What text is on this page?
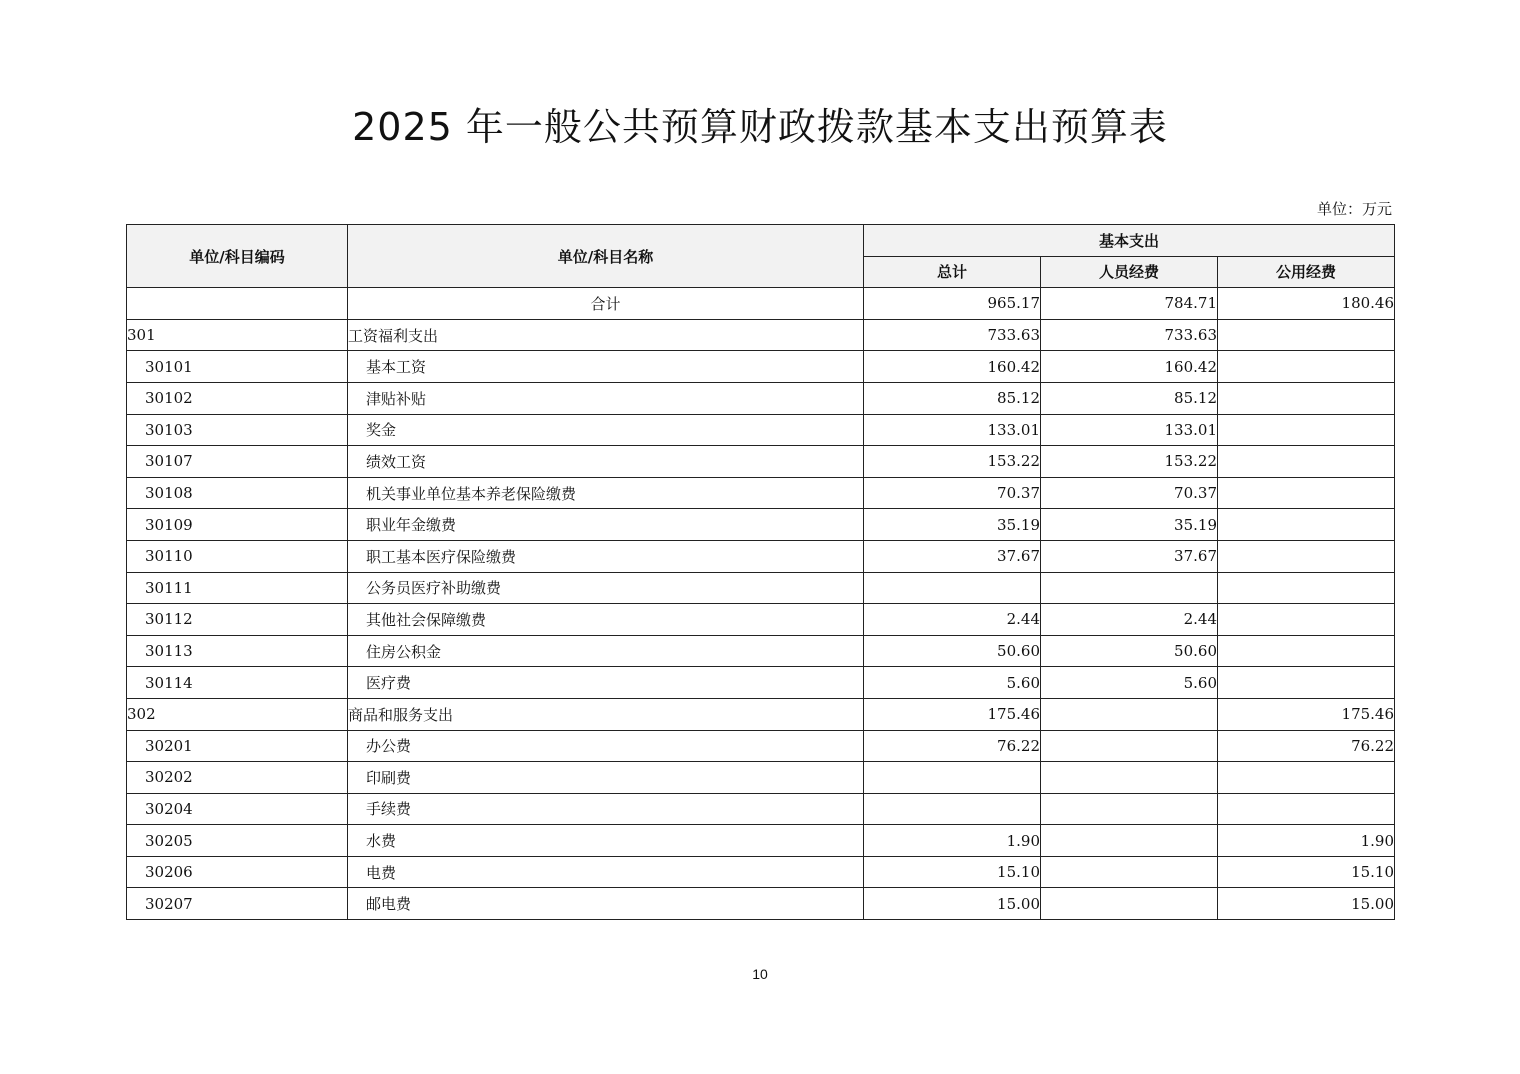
2025 年一般公共预算财政拨款基本支出预算表
单位：万元
单位/科目编码	单位/科目名称	基本支出		
		总计	人员经费	公用经费
	合计	965.17	784.71	180.46
301	工资福利支出	733.63	733.63	
30101	基本工资	160.42	160.42	
30102	津贴补贴	85.12	85.12	
30103	奖金	133.01	133.01	
30107	绩效工资	153.22	153.22	
30108	机关事业单位基本养老保险缴费	70.37	70.37	
30109	职业年金缴费	35.19	35.19	
30110	职工基本医疗保险缴费	37.67	37.67	
30111	公务员医疗补助缴费			
30112	其他社会保障缴费	2.44	2.44	
30113	住房公积金	50.60	50.60	
30114	医疗费	5.60	5.60	
302	商品和服务支出	175.46		175.46
30201	办公费	76.22		76.22
30202	印刷费			
30204	手续费			
30205	水费	1.90		1.90
30206	电费	15.10		15.10
30207	邮电费	15.00		15.00
10
